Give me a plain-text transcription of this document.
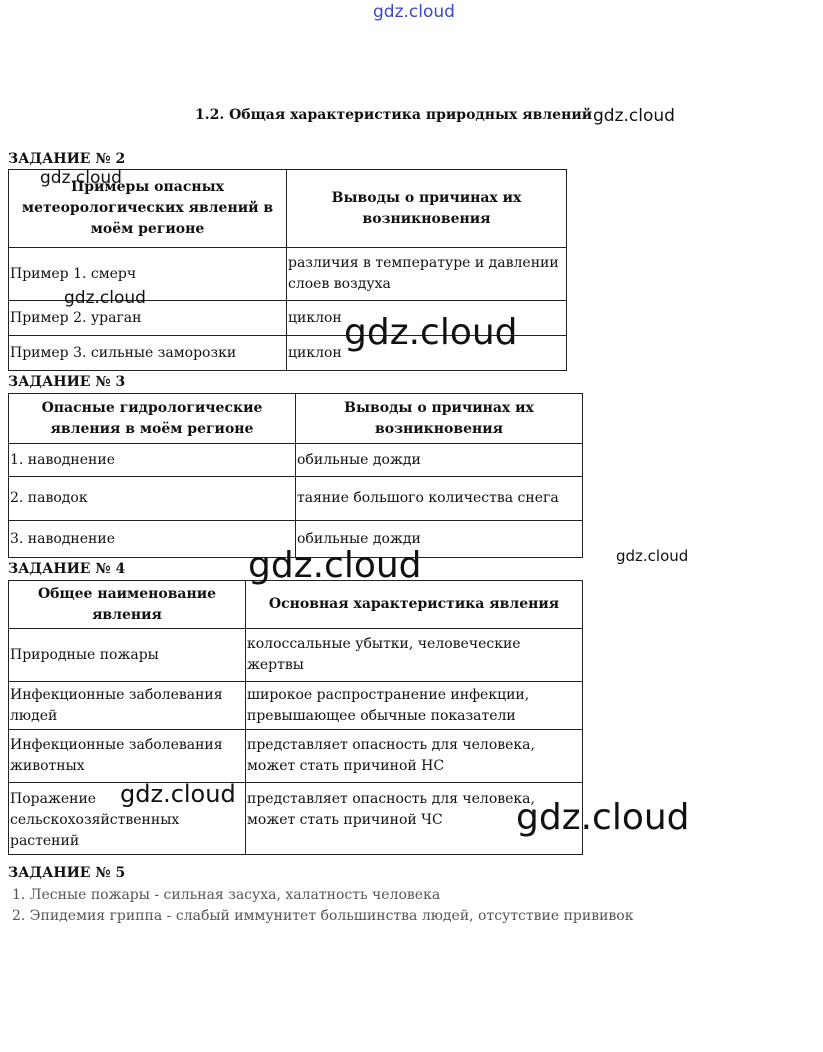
gdz.cloud
1.2. Общая характеристика природных явлений gdz.cloud
ЗАДАНИЕ № 2
Примеры опасных метеорологических явлений в моём регионе	Выводы о причинах их возникновения
Пример 1. смерч	различия в температуре и давлении слоев воздуха
Пример 2. ураган	циклон
Пример 3. сильные заморозки	циклон
ЗАДАНИЕ № 3
Опасные гидрологические явления в моём регионе	Выводы о причинах их возникновения
1. наводнение	обильные дожди
2. паводок	таяние большого количества снега
3. наводнение	обильные дожди
ЗАДАНИЕ № 4
Общее наименование явления	Основная характеристика явления
Природные пожары	колоссальные убытки, человеческие жертвы
Инфекционные заболевания людей	широкое распространение инфекции, превышающее обычные показатели
Инфекционные заболевания животных	представляет опасность для человека, может стать причиной НС
Поражение сельскохозяйственных растений	представляет опасность для человека, может стать причиной ЧС
ЗАДАНИЕ № 5
1. Лесные пожары - сильная засуха, халатность человека
2. Эпидемия гриппа - слабый иммунитет большинства людей, отсутствие прививок
gdz.cloud
gdz.cloud
gdz.cloud
gdz.cloud	gdz.cloud
gdz.cloud
gdz.cloud
